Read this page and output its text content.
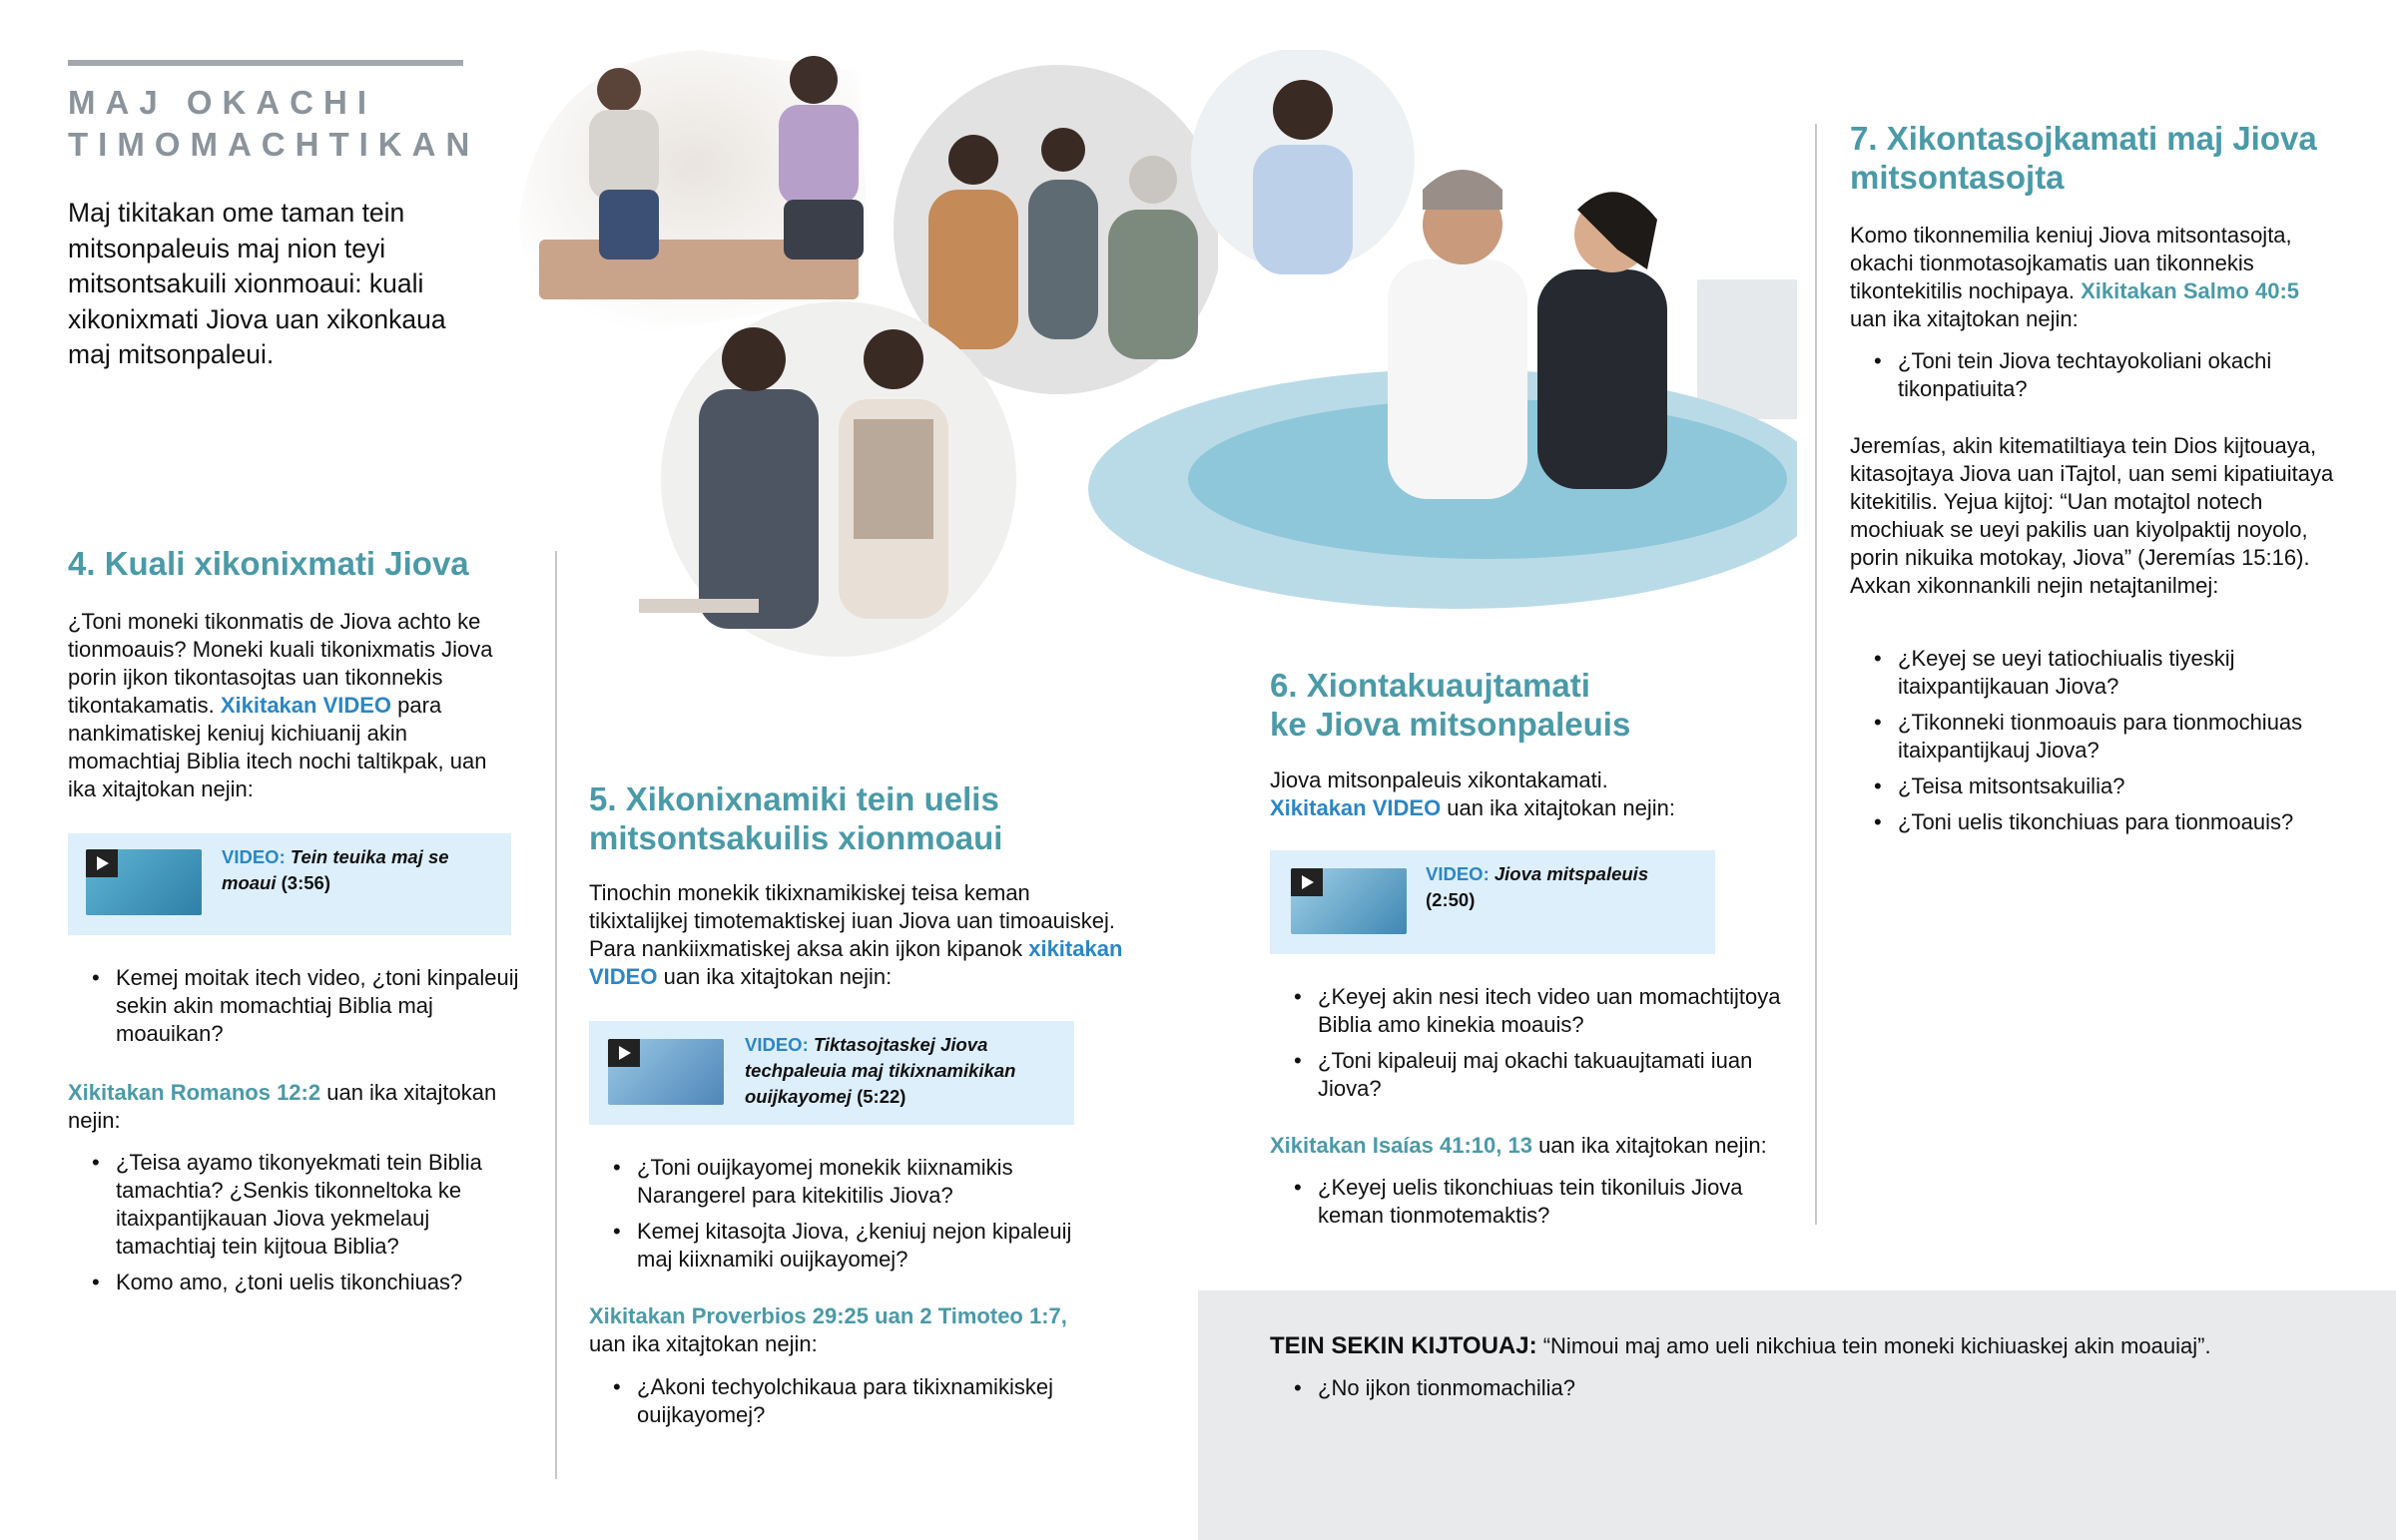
MAJ OKACHI
TIMOMACHTIKAN
Maj tikitakan ome taman tein mitsonpaleuis maj nion teyi mitsontsakuili xionmoaui: kuali xikonixmati Jiova uan xikonkaua maj mitsonpaleui.
4. Kuali xikonixmati Jiova
¿Toni moneki tikonmatis de Jiova achto ke tionmoauis? Moneki kuali tikonixmatis Jiova porin ijkon tikontasojtas uan tikonnekis tikontakamatis. Xikitakan VIDEO para nankimatiskej keniuj kichiuanij akin momachtiaj Biblia itech nochi taltikpak, uan ika xitajtokan nejin:
VIDEO: Tein teuika maj se moaui (3:56)
• Kemej moitak itech video, ¿toni kinpaleuij sekin akin momachtiaj Biblia maj moauikan?
Xikitakan Romanos 12:2 uan ika xitajtokan nejin:
• ¿Teisa ayamo tikonyekmati tein Biblia tamachtia? ¿Senkis tikonneltoka ke itaixpantijkauan Jiova yekmelauj tamachtiaj tein kijtoua Biblia?
• Komo amo, ¿toni uelis tikonchiuas?
5. Xikonixnamiki tein uelis
mitsontsakuilis xionmoaui
Tinochin monekik tikixnamikiskej teisa keman tikixtalijkej timotemaktiskej iuan Jiova uan timoauiskej. Para nankiixmatiskej aksa akin ijkon kipanok xikitakan VIDEO uan ika xitajtokan nejin:
VIDEO: Tiktasojtaskej Jiova techpaleuia maj tikixnamikikan ouijkayomej (5:22)
• ¿Toni ouijkayomej monekik kiixnamikis Narangerel para kitekitilis Jiova?
• Kemej kitasojta Jiova, ¿keniuj nejon kipaleuij maj kiixnamiki ouijkayomej?
Xikitakan Proverbios 29:25 uan 2 Timoteo 1:7,
uan ika xitajtokan nejin:
• ¿Akoni techyolchikaua para tikixnamikiskej ouijkayomej?
6. Xiontakuaujtamati
ke Jiova mitsonpaleuis
Jiova mitsonpaleuis xikontakamati.
Xikitakan VIDEO uan ika xitajtokan nejin:
VIDEO: Jiova mitspaleuis (2:50)
• ¿Keyej akin nesi itech video uan momachtijtoya Biblia amo kinekia moauis?
• ¿Toni kipaleuij maj okachi takuaujtamati iuan Jiova?
Xikitakan Isaías 41:10, 13 uan ika xitajtokan nejin:
• ¿Keyej uelis tikonchiuas tein tikoniluis Jiova keman tionmotemaktis?
7. Xikontasojkamati maj Jiova
mitsontasojta
Komo tikonnemilia keniuj Jiova mitsontasojta, okachi tionmotasojkamatis uan tikonnekis tikontekitilis nochipaya. Xikitakan Salmo 40:5 uan ika xitajtokan nejin:
• ¿Toni tein Jiova techtayokoliani okachi tikonpatiuita?
Jeremías, akin kitematiltiaya tein Dios kijtouaya, kitasojtaya Jiova uan iTajtol, uan semi kipatiuitaya kitekitilis. Yejua kijtoj: “Uan motajtol notech mochiuak se ueyi pakilis uan kiyolpaktij noyolo, porin nikuika motokay, Jiova” (Jeremías 15:16). Axkan xikonnankili nejin netajtanilmej:
• ¿Keyej se ueyi tatiochiualis tiyeskij itaixpantijkauan Jiova?
• ¿Tikonneki tionmoauis para tionmochiuas itaixpantijkauj Jiova?
• ¿Teisa mitsontsakuilia?
• ¿Toni uelis tikonchiuas para tionmoauis?
TEIN SEKIN KIJTOUAJ: “Nimoui maj amo ueli nikchiua tein moneki kichiuaskej akin moauiaj”.
• ¿No ijkon tionmomachilia?
